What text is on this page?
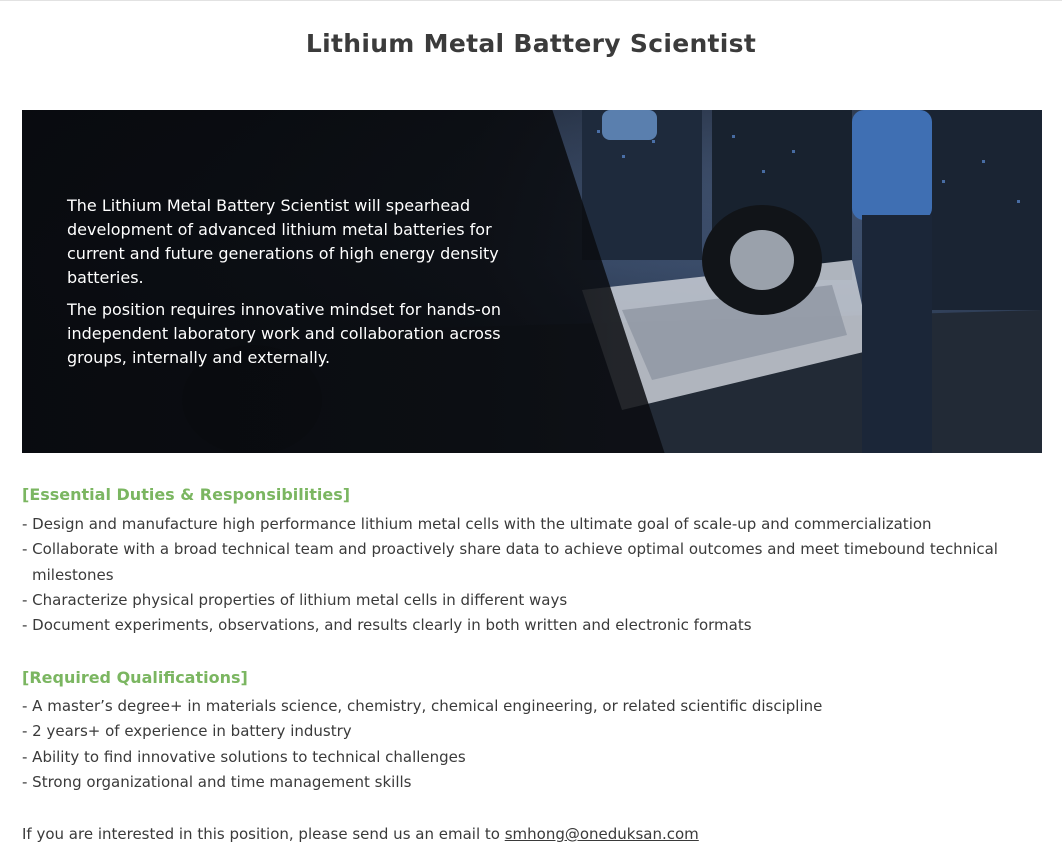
Lithium Metal Battery Scientist

The Lithium Metal Battery Scientist will spearhead development of advanced lithium metal batteries for current and future generations of high energy density batteries.

The position requires innovative mindset for hands-on independent laboratory work and collaboration across groups, internally and externally.

[Essential Duties & Responsibilities]
- Design and manufacture high performance lithium metal cells with the ultimate goal of scale-up and commercialization
- Collaborate with a broad technical team and proactively share data to achieve optimal outcomes and meet timebound technical milestones
- Characterize physical properties of lithium metal cells in different ways
- Document experiments, observations, and results clearly in both written and electronic formats
[Required Qualifications]
- A master’s degree+ in materials science, chemistry, chemical engineering, or related scientific discipline
- 2 years+ of experience in battery industry
- Ability to find innovative solutions to technical challenges
- Strong organizational and time management skills
If you are interested in this position, please send us an email to smhong@oneduksan.com
